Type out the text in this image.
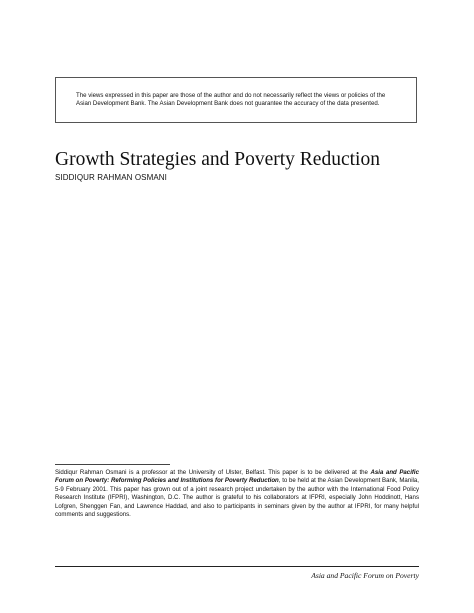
The views expressed in this paper are those of the author and do not necessarily reflect the views or policies of the
Asian Development Bank. The Asian Development Bank does not guarantee the accuracy of the data presented.

Growth Strategies and Poverty Reduction
SIDDIQUR RAHMAN OSMANI

Siddiqur Rahman Osmani is a professor at the University of Ulster, Belfast. This paper is to be delivered at the Asia and Pacific Forum on Poverty: Reforming Policies and Institutions for Poverty Reduction, to be held at the Asian Development Bank, Manila, 5-9 February 2001. This paper has grown out of a joint research project undertaken by the author with the International Food Policy Research Institute (IFPRI), Washington, D.C. The author is grateful to his collaborators at IFPRI, especially John Hoddinott, Hans Lofgren, Shenggen Fan, and Lawrence Haddad, and also to participants in seminars given by the author at IFPRI, for many helpful comments and suggestions.

Asia and Pacific Forum on Poverty
